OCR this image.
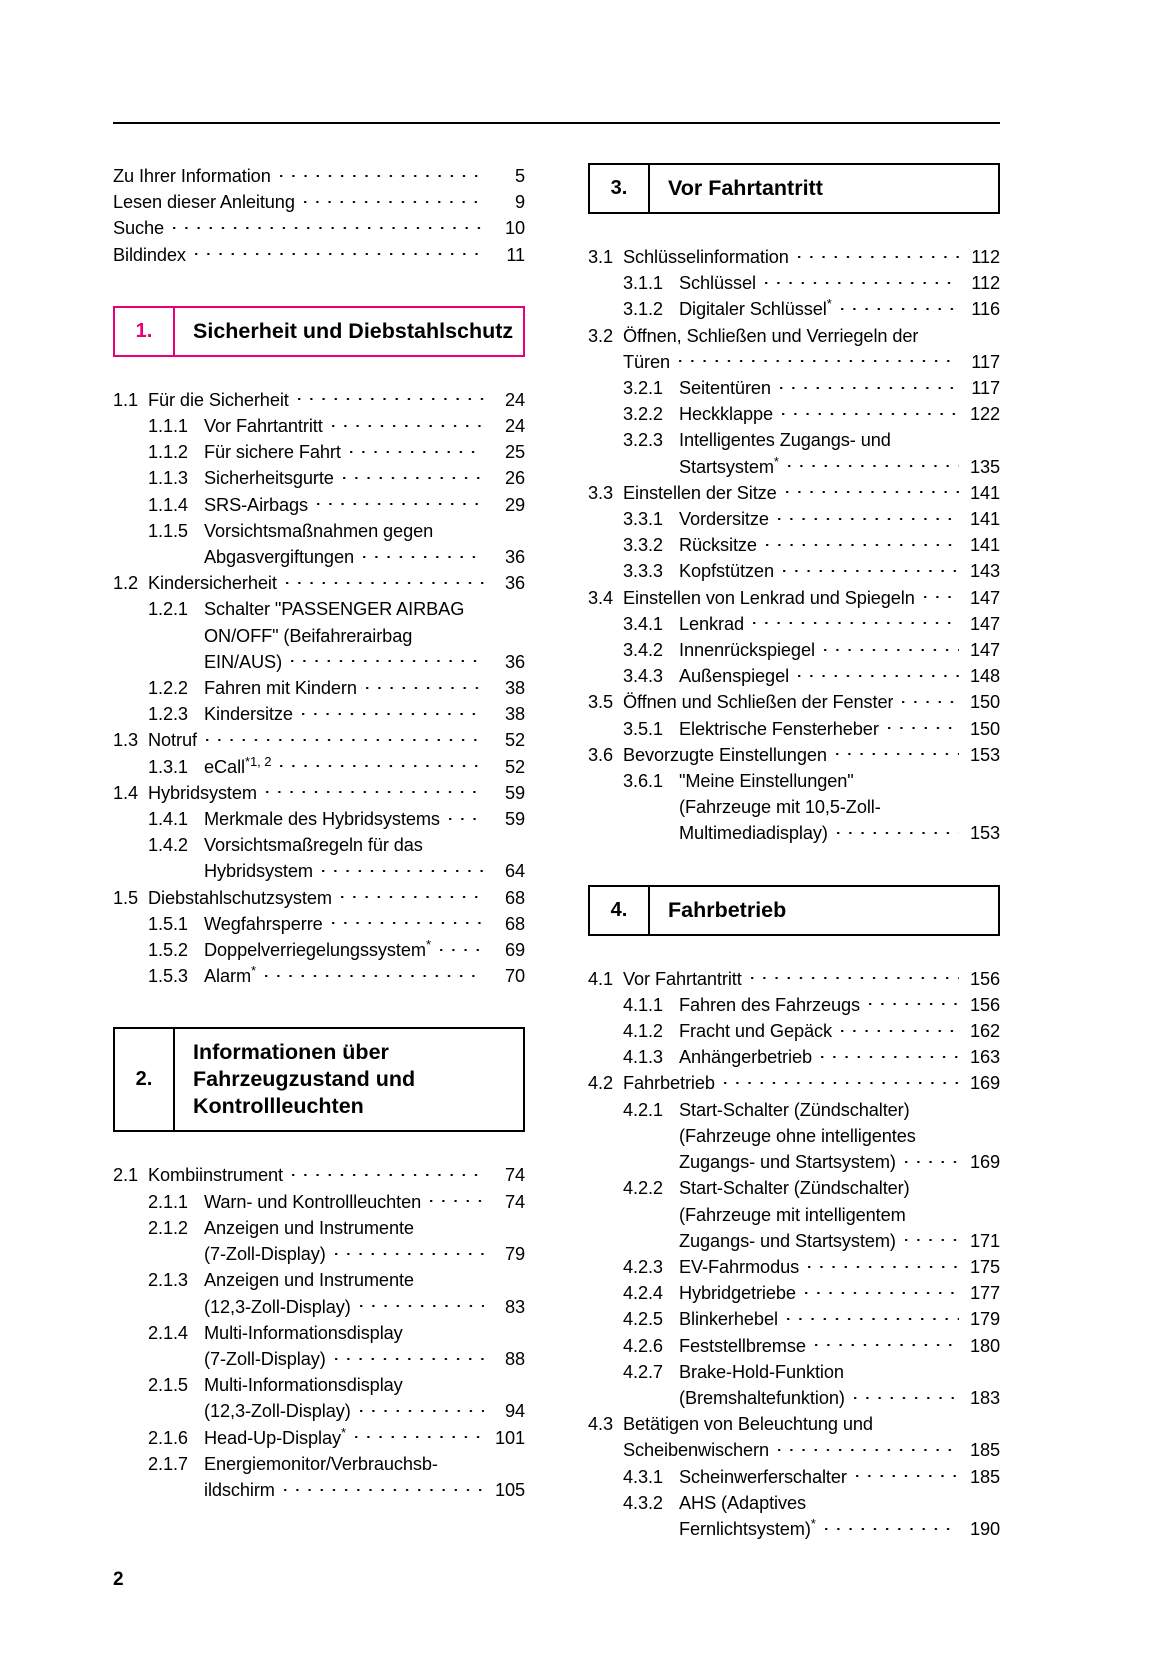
Zu Ihrer Information	5
Lesen dieser Anleitung	9
Suche	10
Bildindex	11
1.	Sicherheit und Diebstahlschutz
1.1 Für die Sicherheit	24
1.1.1 Vor Fahrtantritt	24
1.1.2 Für sichere Fahrt	25
1.1.3 Sicherheitsgurte	26
1.1.4 SRS-Airbags	29
1.1.5 Vorsichtsmaßnahmen gegen
Abgasvergiftungen	36
1.2 Kindersicherheit	36
1.2.1 Schalter "PASSENGER AIRBAG
ON/OFF" (Beifahrerairbag
EIN/AUS)	36
1.2.2 Fahren mit Kindern	38
1.2.3 Kindersitze	38
1.3 Notruf	52
1.3.1 eCall$^{*1, 2}$	52
1.4 Hybridsystem	59
1.4.1 Merkmale des Hybridsystems	59
1.4.2 Vorsichtsmaßregeln für das
Hybridsystem	64
1.5 Diebstahlschutzsystem	68
1.5.1 Wegfahrsperre	68
1.5.2 Doppelverriegelungssystem*	69
1.5.3 Alarm*	70
2.
Informationen über Fahrzeugzustand und Kontrollleuchten
2.1 Kombiinstrument	74
2.1.1 Warn- und Kontrollleuchten	74
2.1.2 Anzeigen und Instrumente
(7-Zoll-Display)	79
2.1.3 Anzeigen und Instrumente
(12,3-Zoll-Display)	83
2.1.4 Multi-Informationsdisplay
(7-Zoll-Display)	88
2.1.5 Multi-Informationsdisplay
(12,3-Zoll-Display)	94
2.1.6 Head-Up-Display*	101
2.1.7 Energiemonitor/Verbrauchsb-
ildschirm	105
3.	Vor Fahrtantritt
3.1 Schlüsselinformation	112
3.1.1 Schlüssel	112
3.1.2 Digitaler Schlüssel*	116
3.2 Öffnen, Schließen und Verriegeln der
Türen	117
3.2.1 Seitentüren	117
3.2.2 Heckklappe	122
3.2.3 Intelligentes Zugangs- und
Startsystem*	135
3.3 Einstellen der Sitze	141
3.3.1 Vordersitze	141
3.3.2 Rücksitze	141
3.3.3 Kopfstützen	143
3.4 Einstellen von Lenkrad und Spiegeln	147
3.4.1 Lenkrad	147
3.4.2 Innenrückspiegel	147
3.4.3 Außenspiegel	148
3.5 Öffnen und Schließen der Fenster	150
3.5.1 Elektrische Fensterheber	150
3.6 Bevorzugte Einstellungen	153
3.6.1 "Meine Einstellungen"
(Fahrzeuge mit 10,5-Zoll-
Multimediadisplay)	153
4.	Fahrbetrieb
4.1 Vor Fahrtantritt	156
4.1.1 Fahren des Fahrzeugs	156
4.1.2 Fracht und Gepäck	162
4.1.3 Anhängerbetrieb	163
4.2 Fahrbetrieb	169
4.2.1 Start-Schalter (Zündschalter)
(Fahrzeuge ohne intelligentes
Zugangs- und Startsystem)	169
4.2.2 Start-Schalter (Zündschalter)
(Fahrzeuge mit intelligentem
Zugangs- und Startsystem)	171
4.2.3 EV-Fahrmodus	175
4.2.4 Hybridgetriebe	177
4.2.5 Blinkerhebel	179
4.2.6 Feststellbremse	180
4.2.7 Brake-Hold-Funktion
(Bremshaltefunktion)	183
4.3 Betätigen von Beleuchtung und
Scheibenwischern	185
4.3.1 Scheinwerferschalter	185
4.3.2 AHS (Adaptives
Fernlichtsystem)*	190
2
